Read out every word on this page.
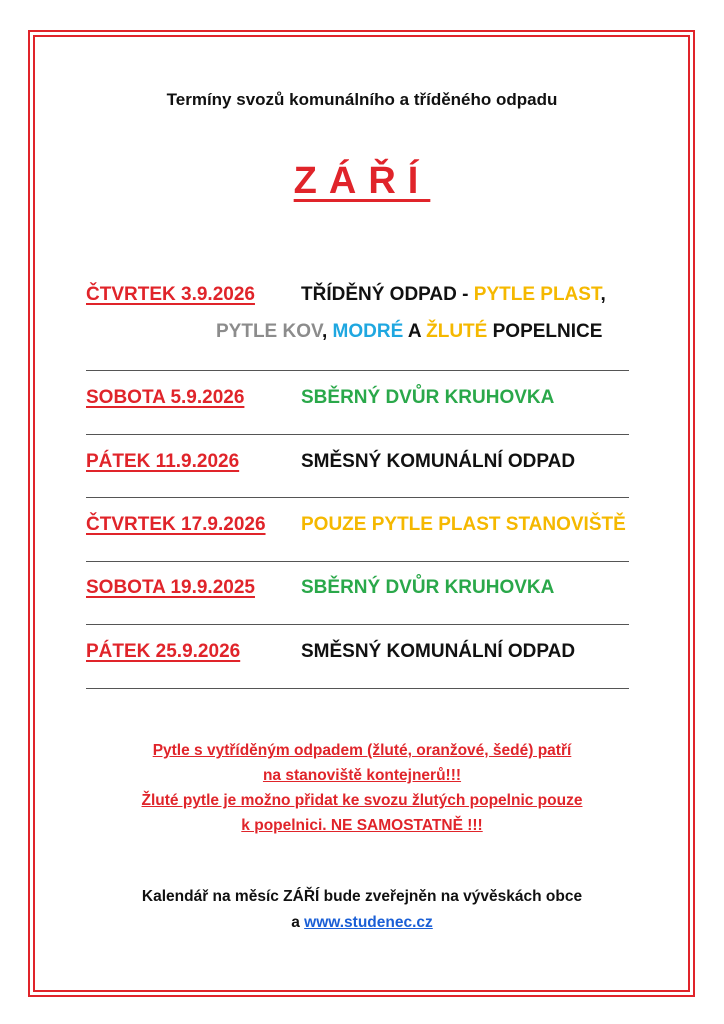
Termíny svozů komunálního a tříděného odpadu
ZÁŘÍ
ČTVRTEK 3.9.2026 TŘÍDĚNÝ ODPAD - PYTLE PLAST,
PYTLE KOV, MODRÉ A ŽLUTÉ POPELNICE
SOBOTA 5.9.2026	SBĚRNÝ DVŮR KRUHOVKA
PÁTEK 11.9.2026	SMĚSNÝ KOMUNÁLNÍ ODPAD
ČTVRTEK 17.9.2026 POUZE PYTLE PLAST STANOVIŠTĚ
SOBOTA 19.9.2025 SBĚRNÝ DVŮR KRUHOVKA
PÁTEK 25.9.2026	SMĚSNÝ KOMUNÁLNÍ ODPAD
Pytle s vytříděným odpadem (žluté, oranžové, šedé) patří
na stanoviště kontejnerů!!!
Žluté pytle je možno přidat ke svozu žlutých popelnic pouze
k popelnici. NE SAMOSTATNĚ !!!
Kalendář na měsíc ZÁŘÍ bude zveřejněn na vývěskách obce
a www.studenec.cz
